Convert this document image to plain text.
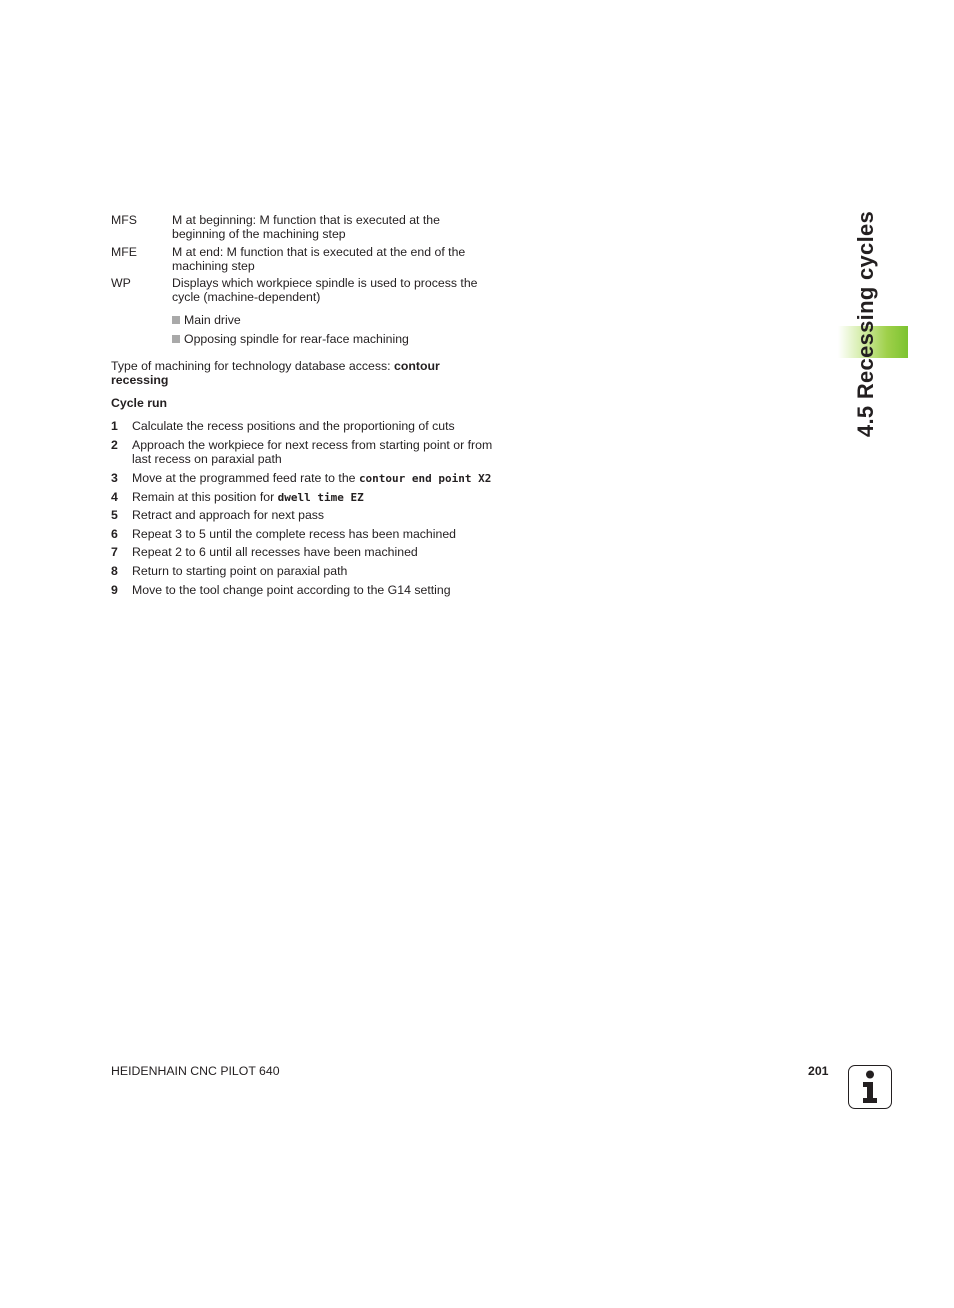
4.5 Recessing cycles
MFS	M at beginning: M function that is executed at the
beginning of the machining step
MFE	M at end: M function that is executed at the end of the
machining step
WP	Displays which workpiece spindle is used to process the
cycle (machine-dependent)
Main drive
Opposing spindle for rear-face machining
Type of machining for technology database access: contour
recessing
Cycle run
1 Calculate the recess positions and the proportioning of cuts
2 Approach the workpiece for next recess from starting point or from
last recess on paraxial path
3 Move at the programmed feed rate to the contour end point X2
4 Remain at this position for dwell time EZ
5 Retract and approach for next pass
6 Repeat 3 to 5 until the complete recess has been machined
7 Repeat 2 to 6 until all recesses have been machined
8 Return to starting point on paraxial path
9 Move to the tool change point according to the G14 setting
HEIDENHAIN CNC PILOT 640	201
